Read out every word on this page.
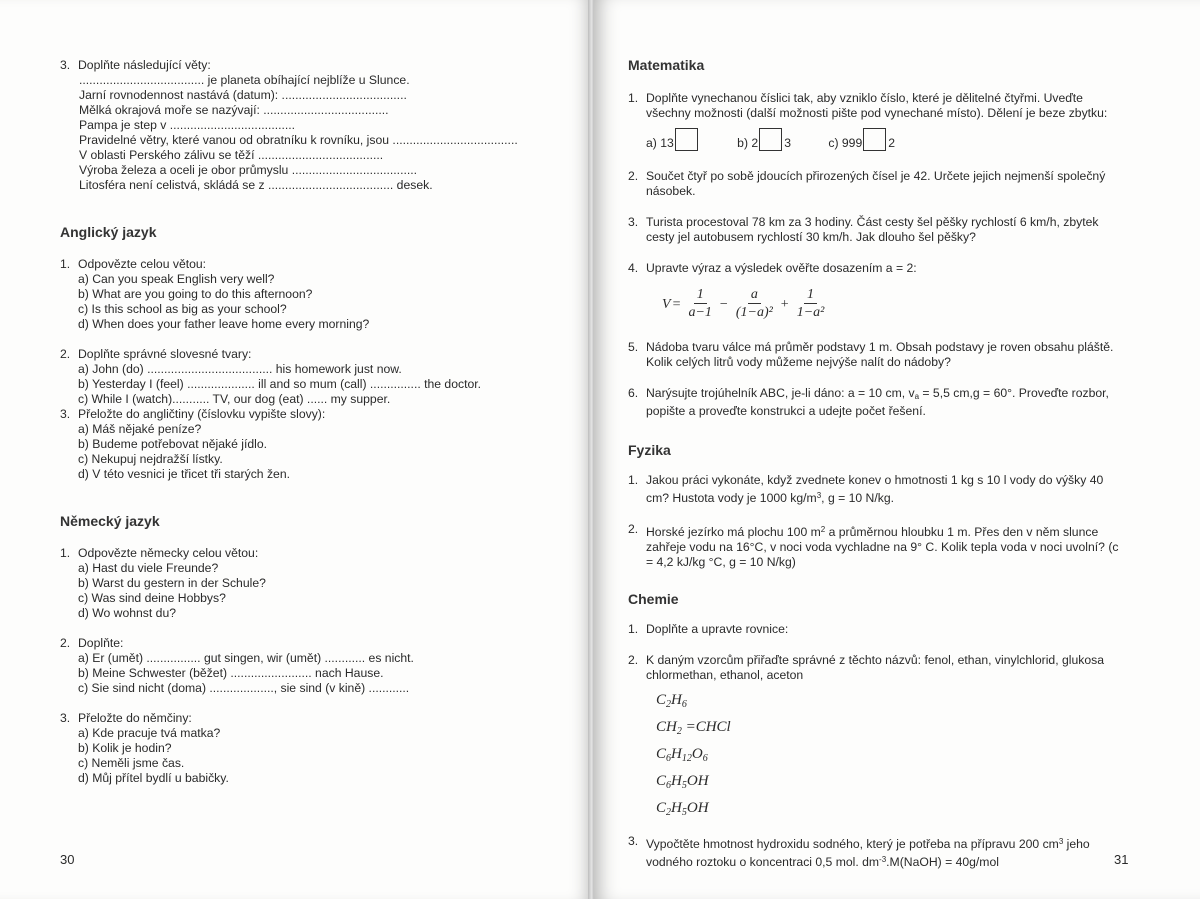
3. Doplňte následující věty:
..................................... je planeta obíhající nejblíže u Slunce.
Jarní rovnodennost nastává (datum): .....................................
Mělká okrajová moře se nazývají: .....................................
Pampa je step v .....................................
Pravidelné větry, které vanou od obratníku k rovníku, jsou .....................................
V oblasti Perského zálivu se těží .....................................
Výroba železa a oceli je obor průmyslu .....................................
Litosféra není celistvá, skládá se z ..................................... desek.
Anglický jazyk
1. Odpovězte celou větou:
a) Can you speak English very well?
b) What are you going to do this afternoon?
c) Is this school as big as your school?
d) When does your father leave home every morning?
2. Doplňte správné slovesné tvary:
a) John (do) ..................................... his homework just now.
b) Yesterday I (feel) .................... ill and so mum (call) ............... the doctor.
c) While I (watch)........... TV, our dog (eat) ...... my supper.
3. Přeložte do angličtiny (číslovku vypište slovy):
a) Máš nějaké peníze?
b) Budeme potřebovat nějaké jídlo.
c) Nekupuj nejdražší lístky.
d) V této vesnici je třicet tři starých žen.
Německý jazyk
1. Odpovězte německy celou větou:
a) Hast du viele Freunde?
b) Warst du gestern in der Schule?
c) Was sind deine Hobbys?
d) Wo wohnst du?
2. Doplňte:
a) Er (umět) ................ gut singen, wir (umět) ............ es nicht.
b) Meine Schwester (běžet) ........................ nach Hause.
c) Sie sind nicht (doma) ..................., sie sind (v kině) ............
3. Přeložte do němčiny:
a) Kde pracuje tvá matka?
b) Kolik je hodin?
c) Neměli jsme čas.
d) Můj přítel bydlí u babičky.
30
Matematika
1. Doplňte vynechanou číslici tak, aby vzniklo číslo, které je dělitelné čtyřmi. Uveďte všechny možnosti (další možnosti pište pod vynechané místo). Dělení je beze zbytku:
a) 13	b) 2 3	c) 999 2
2. Součet čtyř po sobě jdoucích přirozených čísel je 42. Určete jejich nejmenší společný násobek.
3. Turista procestoval 78 km za 3 hodiny. Část cesty šel pěšky rychlostí 6 km/h, zbytek cesty jel autobusem rychlostí 30 km/h. Jak dlouho šel pěšky?
4. Upravte výraz a výsledek ověřte dosazením a = 2:
$V = \frac{1}{a-1} - \frac{a}{\text{(1−a)²}} + \frac{1}{\text{1−a²}}$
5. Nádoba tvaru válce má průměr podstavy 1 m. Obsah podstavy je roven obsahu pláště. Kolik celých litrů vody můžeme nejvýše nalít do nádoby?
6. Narýsujte trojúhelník ABC, je-li dáno: a = 10 cm, va = 5,5 cm,g = 60°. Proveďte rozbor, popište a proveďte konstrukci a udejte počet řešení.
Fyzika
1. Jakou práci vykonáte, když zvednete konev o hmotnosti 1 kg s 10 l vody do výšky 40 cm? Hustota vody je 1000 $kg/m^3$, g = 10 N/kg.
2. Horské jezírko má plochu 100 $m^2$ a průměrnou hloubku 1 m. Přes den v něm slunce zahřeje vodu na 16°C, v noci voda vychladne na 9° C. Kolik tepla voda v noci uvolní? (c = 4,2 kJ/kg °C, g = 10 N/kg)
Chemie
1. Doplňte a upravte rovnice:
2. K daným vzorcům přiřaďte správné z těchto názvů: fenol, ethan, vinylchlorid, glukosa chlormethan, ethanol, aceton
$C_2H_6$
$CH_2$ =CHCl
$C_6H_{12}O_6$
$C_6H_5OH$
$C_2H_5OH$
3. Vypočtěte hmotnost hydroxidu sodného, který je potřeba na přípravu 200 $cm^3$ jeho vodného roztoku o koncentraci 0,5 mol. $dm^{-3}.M(NaOH) = 40g/mol$	31
